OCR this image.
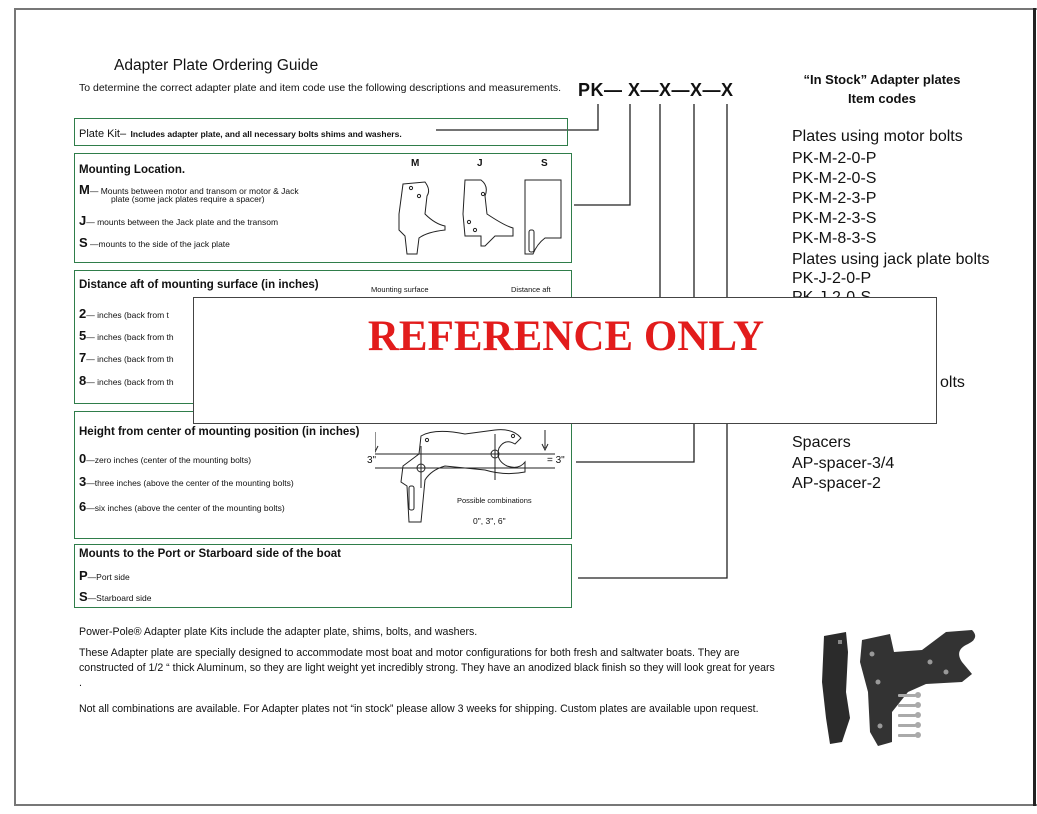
Adapter Plate Ordering Guide
To determine the correct adapter plate and item code use the following descriptions and measurements. PK— X—X—X—X
Plate Kit– Includes adapter plate, and all necessary bolts shims and washers.
Mounting Location.
M— Mounts between motor and transom or motor & Jack
plate (some jack plates require a spacer)
J— mounts between the Jack plate and the transom
S —mounts to the side of the jack plate
M	J	S
Distance aft of mounting surface (in inches)	Mounting surface	Distance aft
2— inches (back from t
5— inches (back from th
7— inches (back from th
8— inches (back from th
Height from center of mounting position (in inches)
0—zero inches (center of the mounting bolts)
3—three inches (above the center of the mounting bolts)
6—six inches (above the center of the mounting bolts)
3"	= 3"
Possible combinations
0", 3", 6"
Mounts to the Port or Starboard side of the boat
P—Port side
S—Starboard side
“In Stock” Adapter plates
Item codes
Plates using motor bolts
PK-M-2-0-P
PK-M-2-0-S
PK-M-2-3-P
PK-M-2-3-S
PK-M-8-3-S
Plates using jack plate bolts
PK-J-2-0-P
olts
Spacers
AP-spacer-3/4
AP-spacer-2
REFERENCE ONLY
Power-Pole® Adapter plate Kits include the adapter plate, shims, bolts, and washers.
These Adapter plate are specially designed to accommodate most boat and motor configurations for both fresh and saltwater boats. They are constructed of 1/2 “ thick Aluminum, so they are light weight yet incredibly strong. They have an anodized black finish so they will look great for years .
Not all combinations are available. For Adapter plates not “in stock” please allow 3 weeks for shipping. Custom plates are available upon request.
